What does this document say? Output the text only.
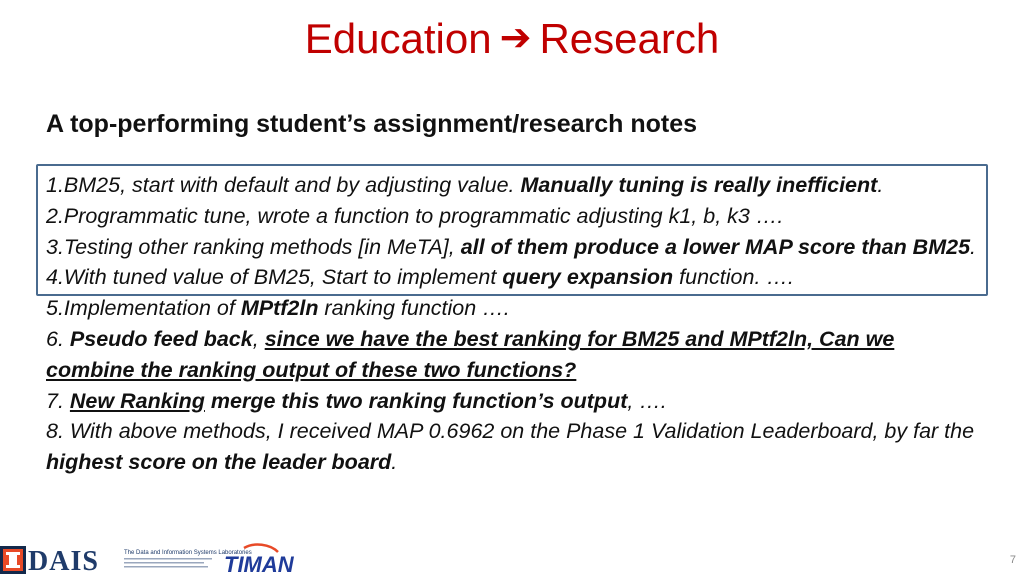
Education ➔ Research
A top-performing student’s assignment/research notes

1.BM25, start with default and by adjusting value. Manually tuning is really inefficient.

2.Programmatic tune, wrote a function to programmatic adjusting k1, b, k3 ….

3.Testing other ranking methods [in MeTA], all of them produce a lower MAP score than BM25.

4.With tuned value of BM25, Start to implement query expansion function. ….

5.Implementation of MPtf2ln ranking function ….

6. Pseudo feed back, since we have the best ranking for BM25 and MPtf2ln, Can we combine the ranking output of these two functions?

7. New Ranking merge this two ranking function’s output, ….

8. With above methods, I received MAP 0.6962 on the Phase 1 Validation Leaderboard, by far the highest score on the leader board.

DAIS	The Data and Information Systems Laboratories
TIMAN	7
